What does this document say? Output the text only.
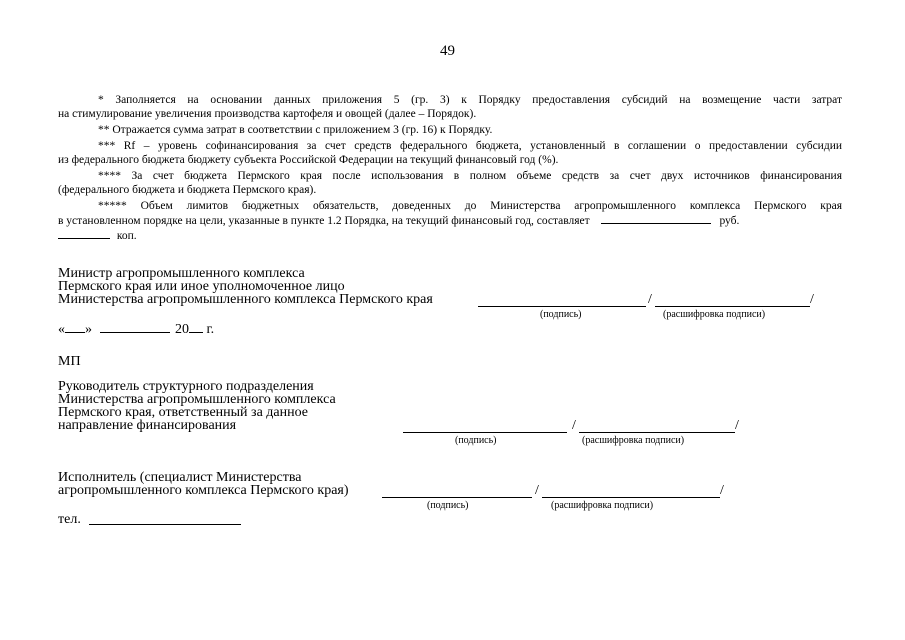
49
* Заполняется на основании данных приложения 5 (гр. 3) к Порядку предоставления субсидий на возмещение части затрат
на стимулирование увеличения производства картофеля и овощей (далее – Порядок).
** Отражается сумма затрат в соответствии с приложением 3 (гр. 16) к Порядку.
*** Rf – уровень софинансирования за счет средств федерального бюджета, установленный в соглашении о предоставлении субсидии
из федерального бюджета бюджету субъекта Российской Федерации на текущий финансовый год (%).
**** За счет бюджета Пермского края после использования в полном объеме средств за счет двух источников финансирования
(федерального бюджета и бюджета Пермского края).
***** Объем лимитов бюджетных обязательств, доведенных до Министерства агропромышленного комплекса Пермского края
в установленном порядке на цели, указанные в пункте 1.2 Порядка, на текущий финансовый год, составляет	руб.
коп.
Министр агропромышленного комплекса
Пермского края или иное уполномоченное лицо
Министерства агропромышленного комплекса Пермского края	/	/
(подпись)	(расшифровка подписи)
« »	20 г.
МП
Руководитель структурного подразделения
Министерства агропромышленного комплекса
Пермского края, ответственный за данное
направление финансирования	/	/
(подпись)	(расшифровка подписи)
Исполнитель (специалист Министерства
агропромышленного комплекса Пермского края)	/	/
(подпись)	(расшифровка подписи)
тел.
